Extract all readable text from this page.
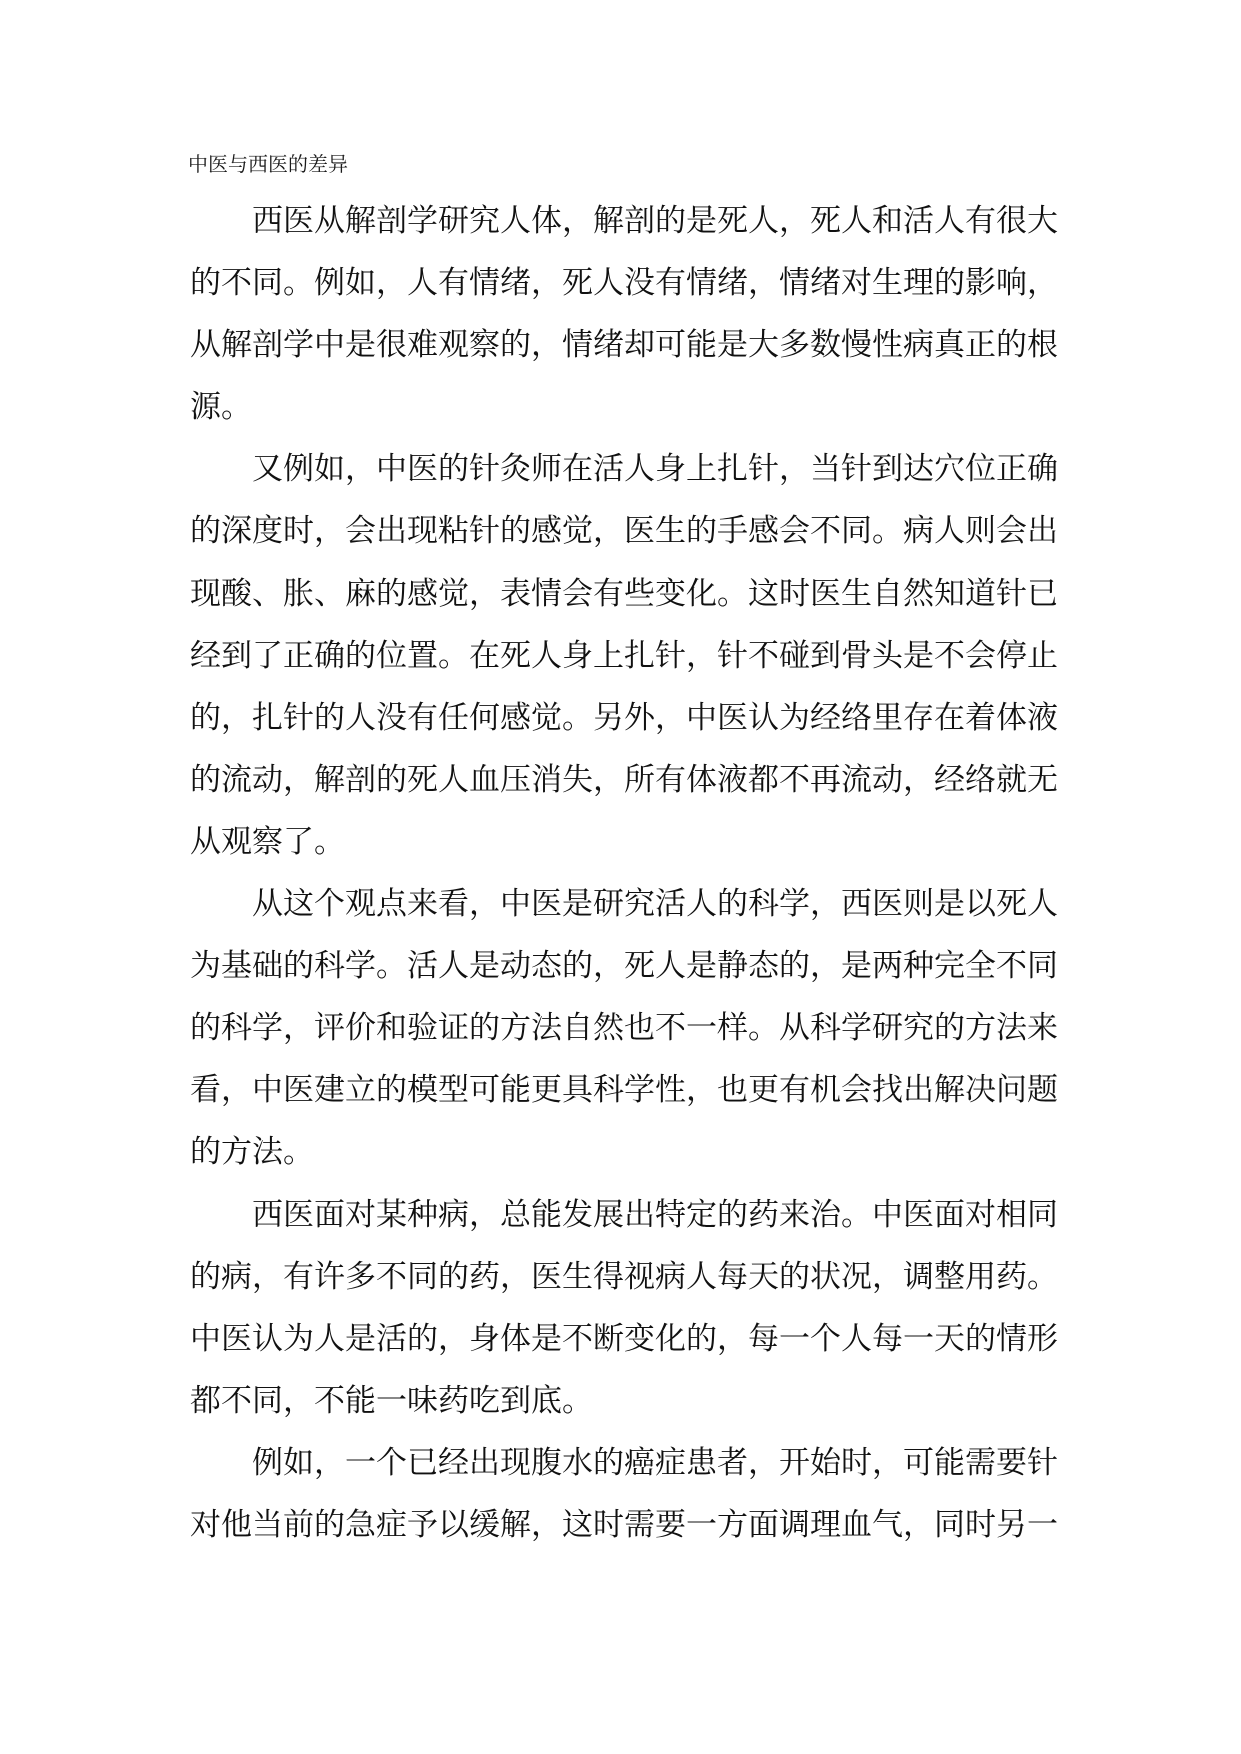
中医与西医的差异
西医从解剖学研究人体，解剖的是死人，死人和活人有很大
的不同。例如，人有情绪，死人没有情绪，情绪对生理的影响，
从解剖学中是很难观察的，情绪却可能是大多数慢性病真正的根
源。
又例如，中医的针灸师在活人身上扎针，当针到达穴位正确
的深度时，会出现粘针的感觉，医生的手感会不同。病人则会出
现酸、胀、麻的感觉，表情会有些变化。这时医生自然知道针已
经到了正确的位置。在死人身上扎针，针不碰到骨头是不会停止
的，扎针的人没有任何感觉。另外，中医认为经络里存在着体液
的流动，解剖的死人血压消失，所有体液都不再流动，经络就无
从观察了。
从这个观点来看，中医是研究活人的科学，西医则是以死人
为基础的科学。活人是动态的，死人是静态的，是两种完全不同
的科学，评价和验证的方法自然也不一样。从科学研究的方法来
看，中医建立的模型可能更具科学性，也更有机会找出解决问题
的方法。
西医面对某种病，总能发展出特定的药来治。中医面对相同
的病，有许多不同的药，医生得视病人每天的状况，调整用药。
中医认为人是活的，身体是不断变化的，每一个人每一天的情形
都不同，不能一味药吃到底。
例如，一个已经出现腹水的癌症患者，开始时，可能需要针
对他当前的急症予以缓解，这时需要一方面调理血气，同时另一
